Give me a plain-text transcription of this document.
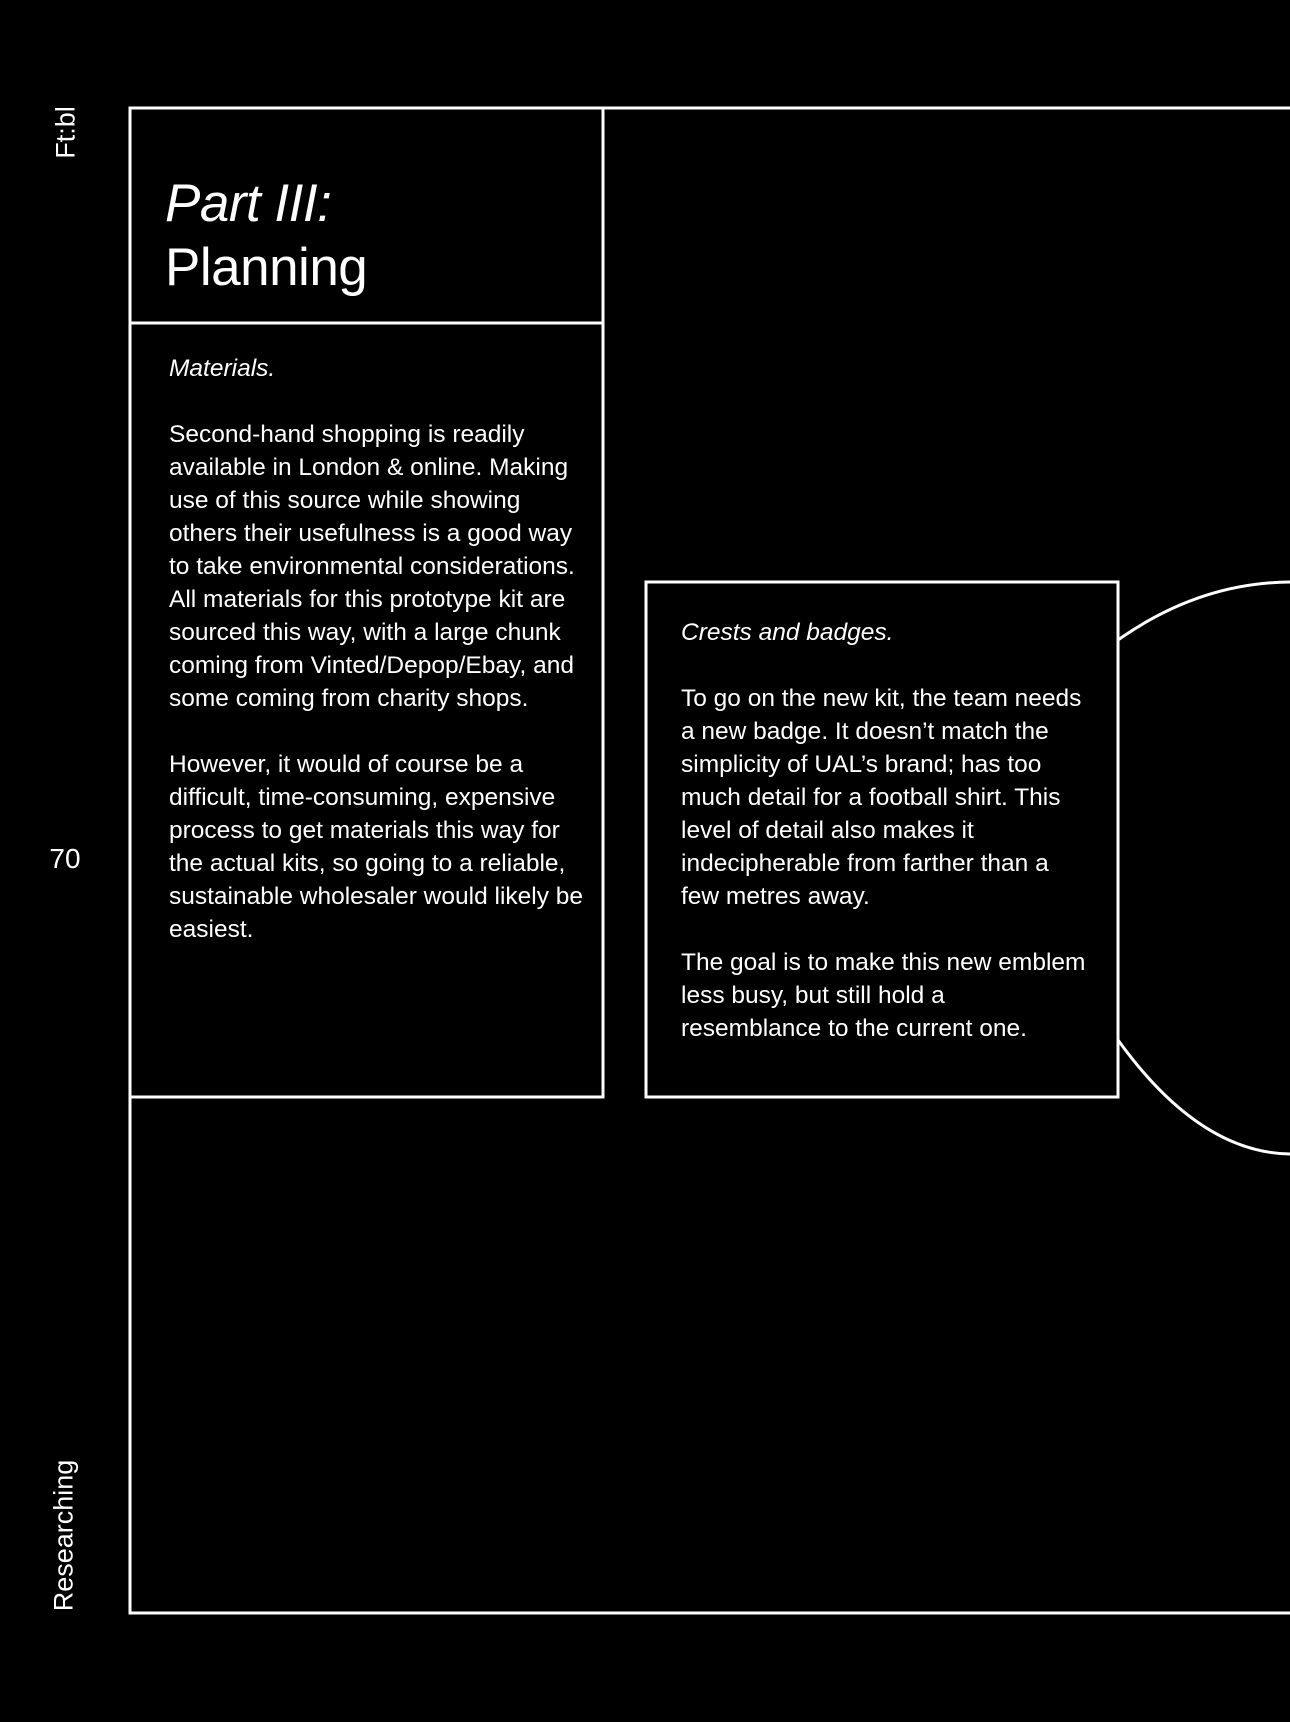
Ft:bl
70
Researching
Part III:
Planning
Materials.

Second-hand shopping is readily available in London & online. Making use of this source while showing others their usefulness is a good way to take environmental considerations. All materials for this prototype kit are sourced this way, with a large chunk coming from Vinted/Depop/Ebay, and some coming from charity shops.

However, it would of course be a difficult, time-consuming, expensive process to get materials this way for the actual kits, so going to a reliable, sustainable wholesaler would likely be easiest.

Crests and badges.

To go on the new kit, the team needs a new badge. It doesn’t match the simplicity of UAL’s brand; has too much detail for a football shirt. This level of detail also makes it indecipherable from farther than a few metres away.

The goal is to make this new emblem less busy, but still hold a resemblance to the current one.
